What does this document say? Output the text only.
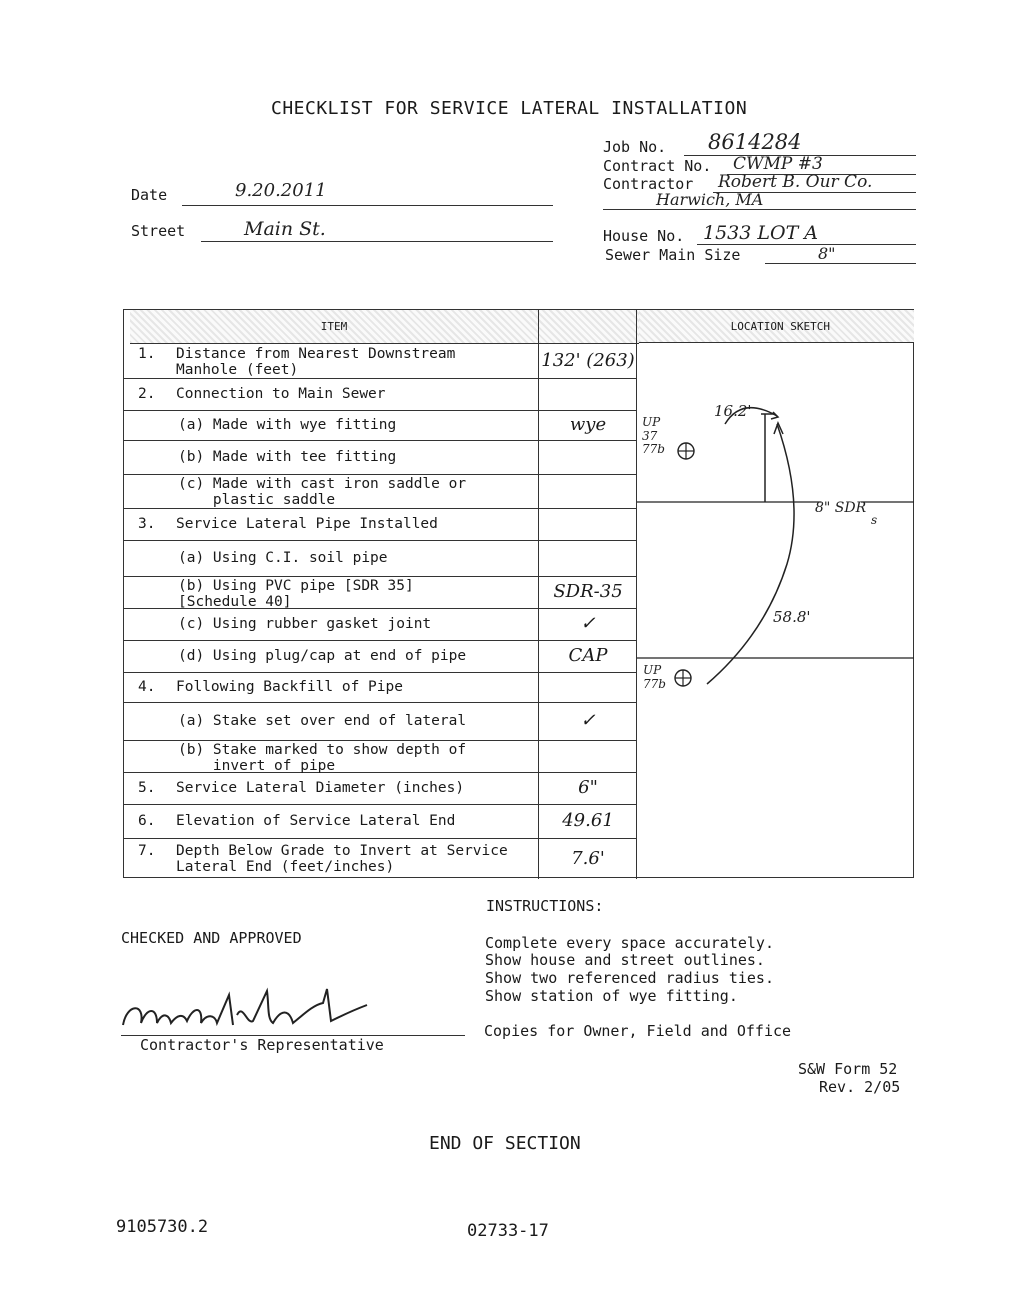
CHECKLIST FOR SERVICE LATERAL INSTALLATION
Job No. 8614284
Contract No. CWMP #3
Contractor Robert B. Our Co.
Harwich, MA
Date	9.20.2011
Street	Main St.	House No. 1533 LOT A
Sewer Main Size	8"
ITEM	LOCATION SKETCH
1. Distance from Nearest Downstream
Manhole (feet)	132' (263)
2. Connection to Main Sewer
(a) Made with wye fitting	wye
(b) Made with tee fitting
(c) Made with cast iron saddle or
plastic saddle
3. Service Lateral Pipe Installed
(a) Using C.I. soil pipe
(b) Using PVC pipe [SDR 35]
[Schedule 40]	SDR-35
(c) Using rubber gasket joint	✓
(d) Using plug/cap at end of pipe	CAP
4. Following Backfill of Pipe
(a) Stake set over end of lateral	✓
(b) Stake marked to show depth of
invert of pipe
5. Service Lateral Diameter (inches)	6"
6. Elevation of Service Lateral End	49.61
7. Depth Below Grade to Invert at Service
Lateral End (feet/inches)	7.6'
16.2'
UP 37 77b
8" SDR
s
58.8'
UP 77b
INSTRUCTIONS:
Complete every space accurately.
Show house and street outlines.
Show two referenced radius ties.
Show station of wye fitting.
Copies for Owner, Field and Office
CHECKED AND APPROVED
Contractor's Representative
S&W Form 52
Rev. 2/05
END OF SECTION
9105730.2	02733-17
